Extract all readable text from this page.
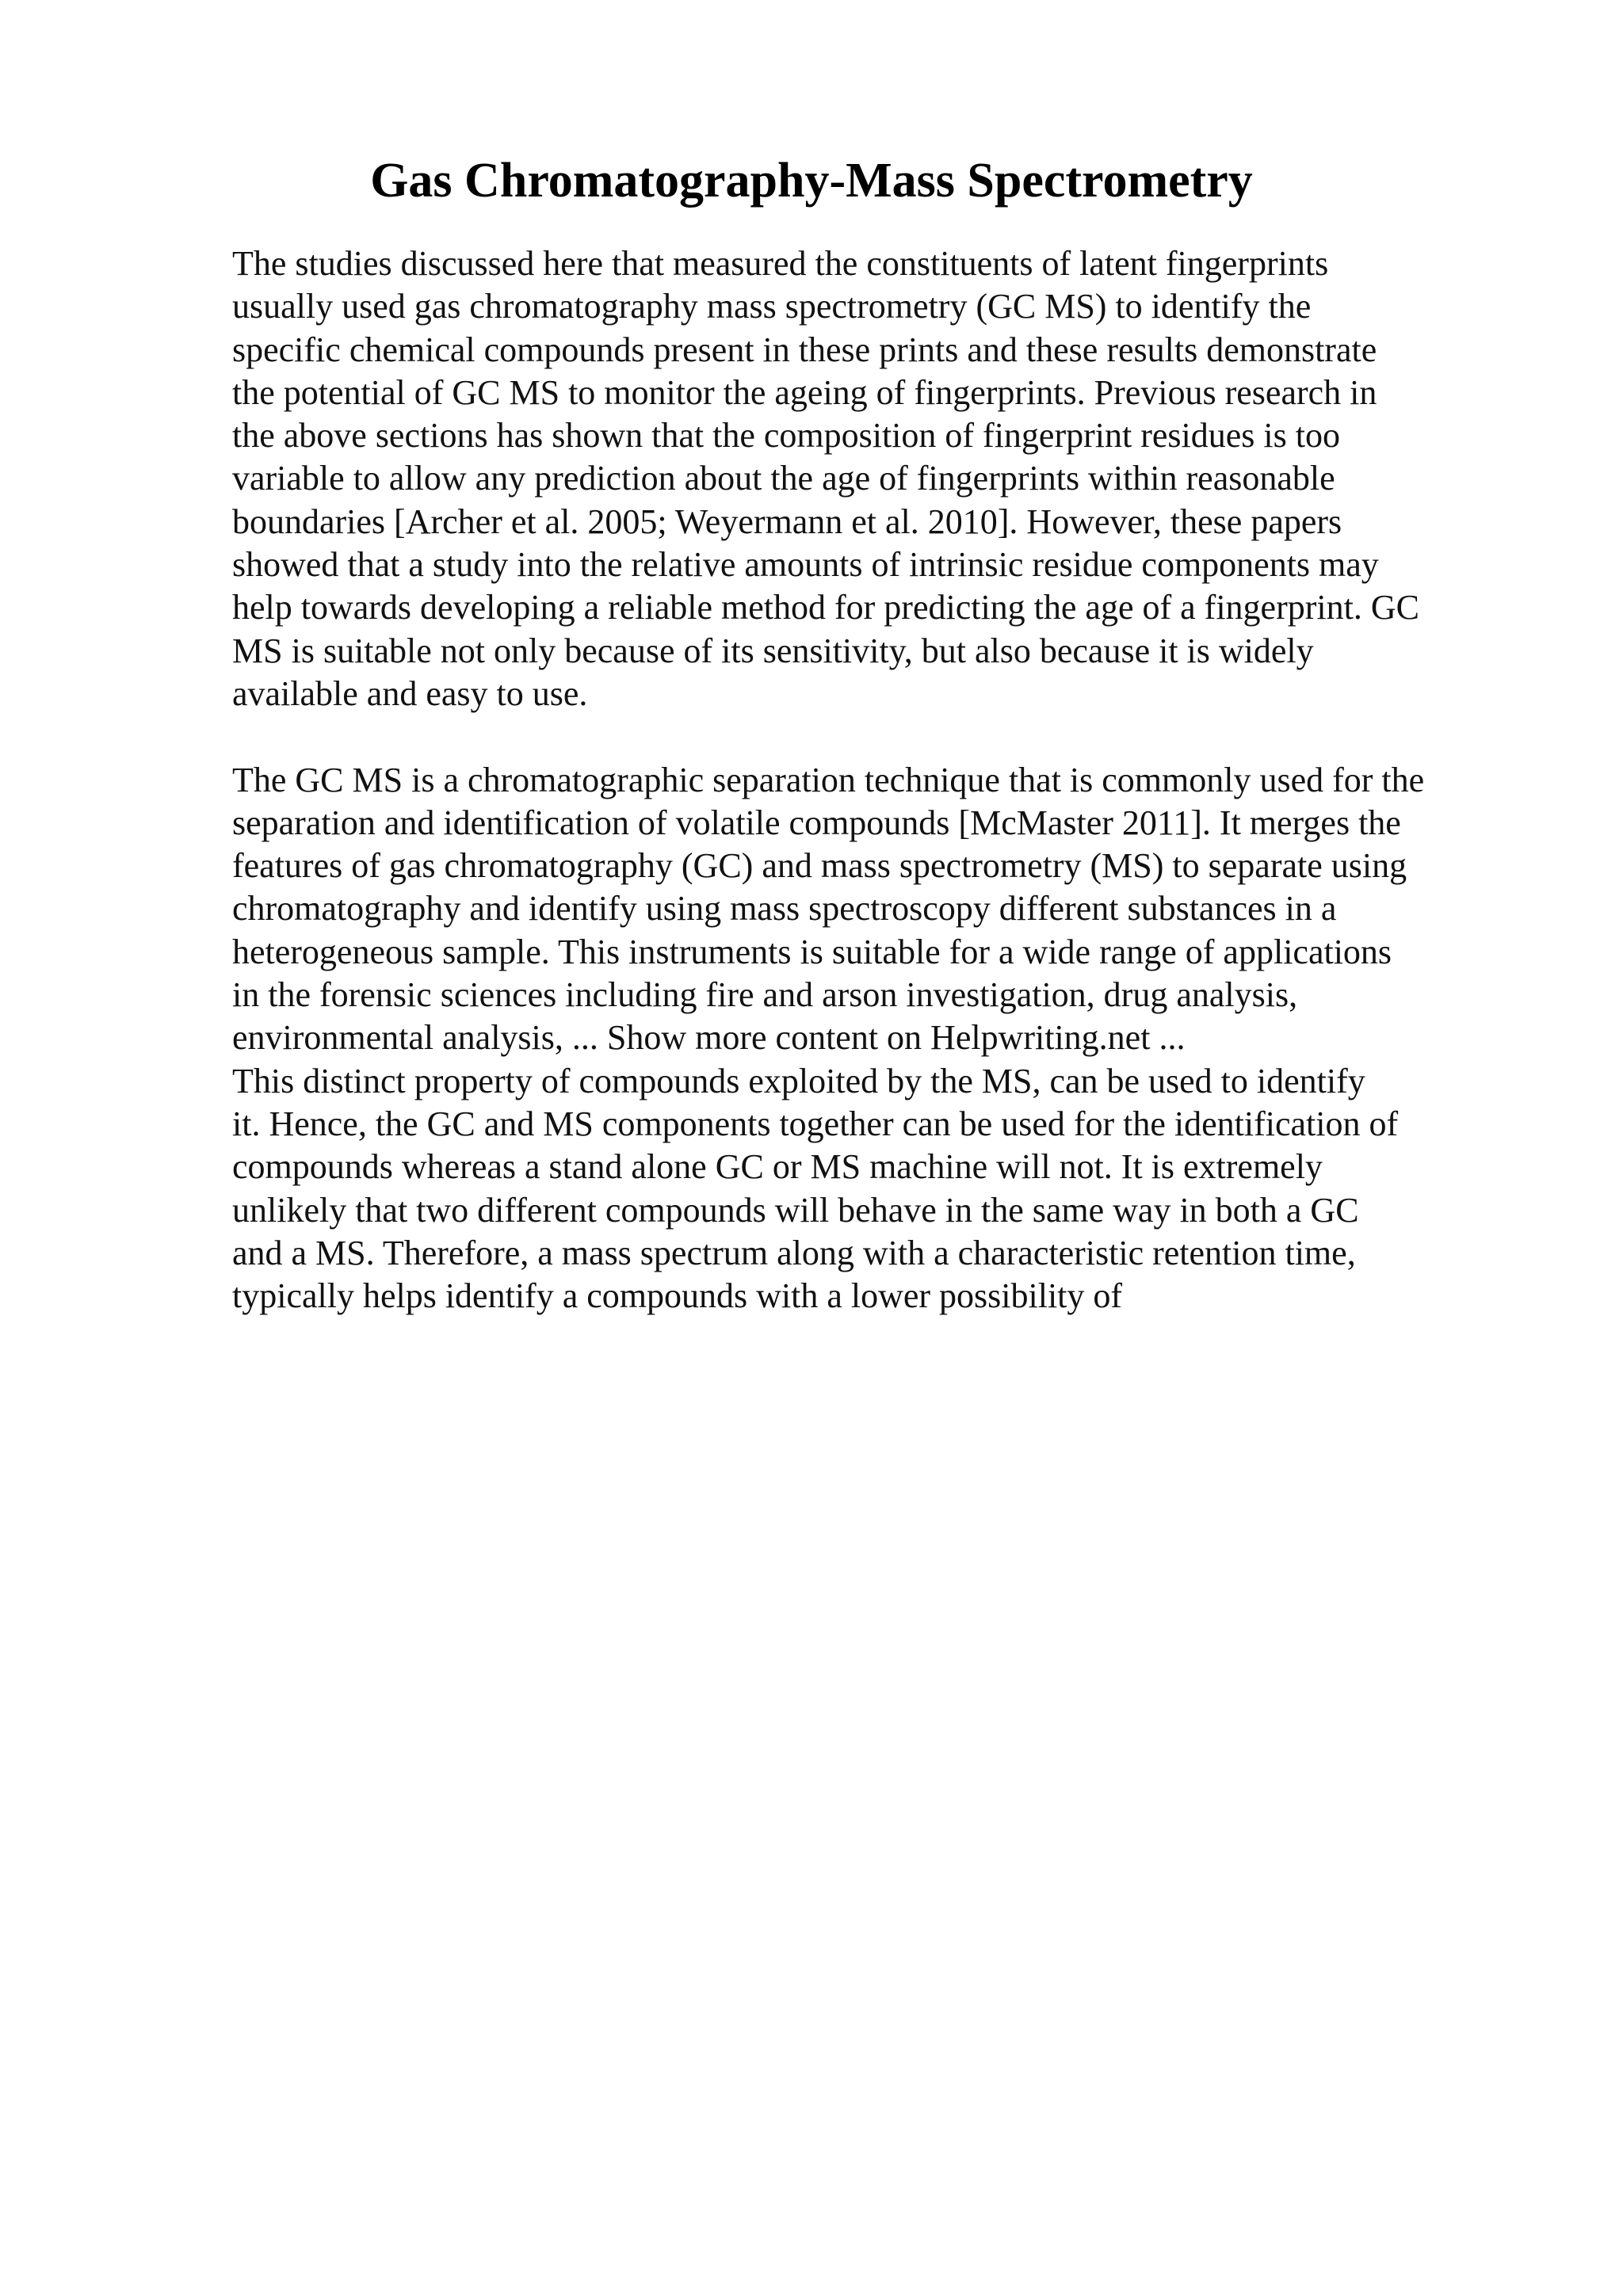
Gas Chromatography-Mass Spectrometry
The studies discussed here that measured the constituents of latent fingerprints
usually used gas chromatography mass spectrometry (GC MS) to identify the
specific chemical compounds present in these prints and these results demonstrate
the potential of GC MS to monitor the ageing of fingerprints. Previous research in
the above sections has shown that the composition of fingerprint residues is too
variable to allow any prediction about the age of fingerprints within reasonable
boundaries [Archer et al. 2005; Weyermann et al. 2010]. However, these papers
showed that a study into the relative amounts of intrinsic residue components may
help towards developing a reliable method for predicting the age of a fingerprint. GC
MS is suitable not only because of its sensitivity, but also because it is widely
available and easy to use.
The GC MS is a chromatographic separation technique that is commonly used for the
separation and identification of volatile compounds [McMaster 2011]. It merges the
features of gas chromatography (GC) and mass spectrometry (MS) to separate using
chromatography and identify using mass spectroscopy different substances in a
heterogeneous sample. This instruments is suitable for a wide range of applications
in the forensic sciences including fire and arson investigation, drug analysis,
environmental analysis, ... Show more content on Helpwriting.net ...
This distinct property of compounds exploited by the MS, can be used to identify
it. Hence, the GC and MS components together can be used for the identification of
compounds whereas a stand alone GC or MS machine will not. It is extremely
unlikely that two different compounds will behave in the same way in both a GC
and a MS. Therefore, a mass spectrum along with a characteristic retention time,
typically helps identify a compounds with a lower possibility of
